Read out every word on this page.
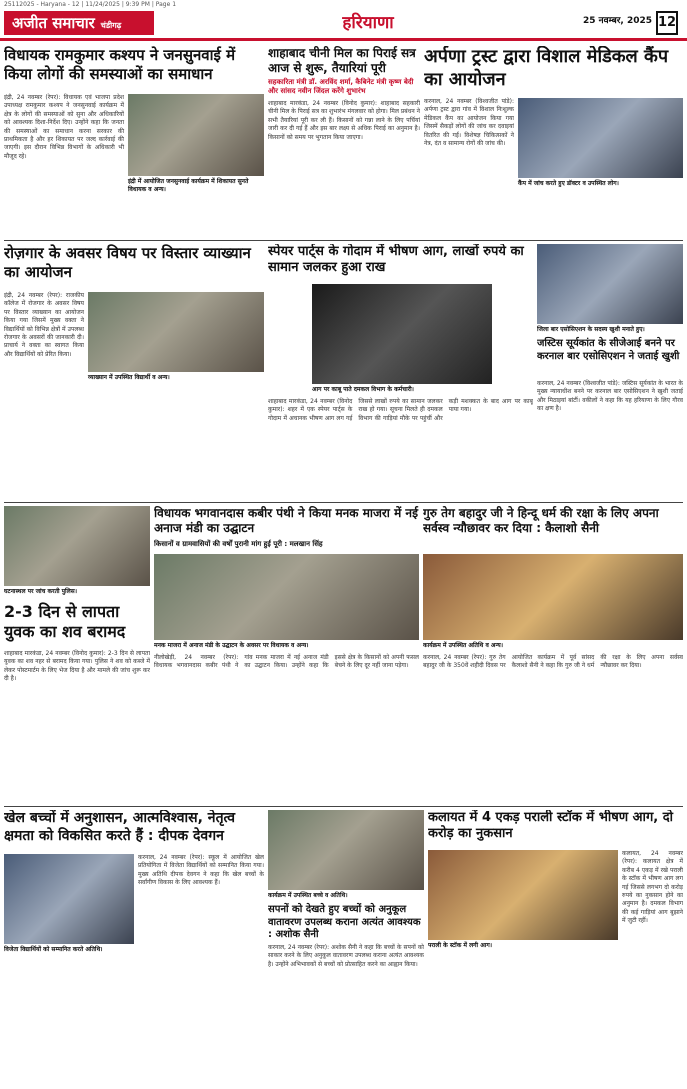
25112025 - Haryana - 12 | 11/24/2025 | 9:39 PM | Page 1
अजीत समाचार चंडीगढ़	हरियाणा	25 नवम्बर, 2025 12
विधायक रामकुमार कश्यप ने जनसुनवाई में किया लोगों की समस्याओं का समाधान
इंद्री, 24 नवम्बर (रेपर): विधायक एवं भाजपा प्रदेश उपाध्यक्ष रामकुमार कश्यप ने जनसुनवाई कार्यक्रम में क्षेत्र के लोगों की समस्याओं को सुना और अधिकारियों को आवश्यक दिशा-निर्देश दिए। उन्होंने कहा कि जनता की समस्याओं का समाधान करना सरकार की प्राथमिकता है और हर शिकायत पर जल्द कार्रवाई की जाएगी। इस दौरान विभिन्न विभागों के अधिकारी भी मौजूद रहे।
इंद्री में आयोजित जनसुनवाई कार्यक्रम में शिकायत सुनते विधायक व अन्य।
शाहाबाद चीनी मिल का पिराई सत्र आज से शुरू, तैयारियां पूरी
सहकारिता मंत्री डॉ. अरविंद शर्मा, कैबिनेट मंत्री कृष्ण बेदी और सांसद नवीन जिंदल करेंगे शुभारंभ
शाहाबाद मारकंडा, 24 नवम्बर (विनोद कुमार): शाहाबाद सहकारी चीनी मिल के पिराई सत्र का शुभारंभ मंगलवार को होगा। मिल प्रबंधन ने सभी तैयारियां पूरी कर ली हैं। किसानों को गन्ना लाने के लिए पर्चियां जारी कर दी गई हैं और इस बार लक्ष्य से अधिक पिराई का अनुमान है। किसानों को समय पर भुगतान किया जाएगा।
अर्पणा ट्रस्ट द्वारा विशाल मेडिकल कैंप का आयोजन
करनाल, 24 नवम्बर (विश्वजीत पांडे): अर्पणा ट्रस्ट द्वारा गांव में विशाल निःशुल्क मेडिकल कैंप का आयोजन किया गया जिसमें सैकड़ों लोगों की जांच कर दवाइयां वितरित की गईं। विशेषज्ञ चिकित्सकों ने नेत्र, दंत व सामान्य रोगों की जांच की।
कैंप में जांच करते हुए डॉक्टर व उपस्थित लोग।
रोज़गार के अवसर विषय पर विस्तार व्याख्यान का आयोजन
इंद्री, 24 नवम्बर (रेपर): राजकीय कॉलेज में रोजगार के अवसर विषय पर विस्तार व्याख्यान का आयोजन किया गया जिसमें मुख्य वक्ता ने विद्यार्थियों को विभिन्न क्षेत्रों में उपलब्ध रोजगार के अवसरों की जानकारी दी। प्राचार्य ने वक्ता का स्वागत किया और विद्यार्थियों को प्रेरित किया।
व्याख्यान में उपस्थित विद्यार्थी व अन्य।
स्पेयर पार्ट्स के गोदाम में भीषण आग, लाखों रुपये का सामान जलकर हुआ राख
आग पर काबू पाते दमकल विभाग के कर्मचारी।
शाहाबाद मारकंडा, 24 नवम्बर (विनोद कुमार): शहर में एक स्पेयर पार्ट्स के गोदाम में अचानक भीषण आग लग गई जिससे लाखों रुपये का सामान जलकर राख हो गया। सूचना मिलते ही दमकल विभाग की गाड़ियां मौके पर पहुंचीं और कड़ी मशक्कत के बाद आग पर काबू पाया गया।
जिला बार एसोसिएशन के सदस्य खुशी मनाते हुए।
जस्टिस सूर्यकांत के सीजेआई बनने पर करनाल बार एसोसिएशन ने जताई खुशी
करनाल, 24 नवम्बर (विश्वजीत पांडे): जस्टिस सूर्यकांत के भारत के मुख्य न्यायाधीश बनने पर करनाल बार एसोसिएशन ने खुशी जताई और मिठाइयां बांटीं। वकीलों ने कहा कि यह हरियाणा के लिए गौरव का क्षण है।
घटनास्थल पर जांच करती पुलिस।
2-3 दिन से लापता युवक का शव बरामद
शाहाबाद मारकंडा, 24 नवम्बर (विनोद कुमार): 2-3 दिन से लापता युवक का शव नहर से बरामद किया गया। पुलिस ने शव को कब्जे में लेकर पोस्टमार्टम के लिए भेज दिया है और मामले की जांच शुरू कर दी है।
विधायक भगवानदास कबीर पंथी ने किया मनक माजरा में नई अनाज मंडी का उद्घाटन
किसानों व ग्रामवासियों की वर्षों पुरानी मांग हुई पूरी : मलखान सिंह
मनक माजरा में अनाज मंडी के उद्घाटन के अवसर पर विधायक व अन्य।
नीलोखेड़ी, 24 नवम्बर (रेपर): विधायक भगवानदास कबीर पंथी ने गांव मनक माजरा में नई अनाज मंडी का उद्घाटन किया। उन्होंने कहा कि इससे क्षेत्र के किसानों को अपनी फसल बेचने के लिए दूर नहीं जाना पड़ेगा।
गुरु तेग बहादुर जी ने हिन्दू धर्म की रक्षा के लिए अपना सर्वस्व न्यौछावर कर दिया : कैलाशो सैनी
कार्यक्रम में उपस्थित अतिथि व अन्य।
करनाल, 24 नवम्बर (रेपर): गुरु तेग बहादुर जी के 350वें शहीदी दिवस पर आयोजित कार्यक्रम में पूर्व सांसद कैलाशो सैनी ने कहा कि गुरु जी ने धर्म की रक्षा के लिए अपना सर्वस्व न्यौछावर कर दिया।
खेल बच्चों में अनुशासन, आत्मविश्वास, नेतृत्व क्षमता को विकसित करते हैं : दीपक देवगन
विजेता विद्यार्थियों को सम्मानित करते अतिथि।
करनाल, 24 नवम्बर (रेपर): स्कूल में आयोजित खेल प्रतियोगिता में विजेता विद्यार्थियों को सम्मानित किया गया। मुख्य अतिथि दीपक देवगन ने कहा कि खेल बच्चों के सर्वांगीण विकास के लिए आवश्यक हैं।
कार्यक्रम में उपस्थित बच्चे व अतिथि।
सपनों को देखते हुए बच्चों को अनुकूल वातावरण उपलब्ध कराना अत्यंत आवश्यक : अशोक सैनी
करनाल, 24 नवम्बर (रेपर): अशोक सैनी ने कहा कि बच्चों के सपनों को साकार करने के लिए अनुकूल वातावरण उपलब्ध कराना अत्यंत आवश्यक है। उन्होंने अभिभावकों से बच्चों को प्रोत्साहित करने का आह्वान किया।
कलायत में 4 एकड़ पराली स्टॉक में भीषण आग, दो करोड़ का नुकसान
पराली के स्टॉक में लगी आग।
कलायत, 24 नवम्बर (रेपर): कलायत क्षेत्र में करीब 4 एकड़ में रखे पराली के स्टॉक में भीषण आग लग गई जिससे लगभग दो करोड़ रुपये का नुकसान होने का अनुमान है। दमकल विभाग की कई गाड़ियां आग बुझाने में जुटी रहीं।
